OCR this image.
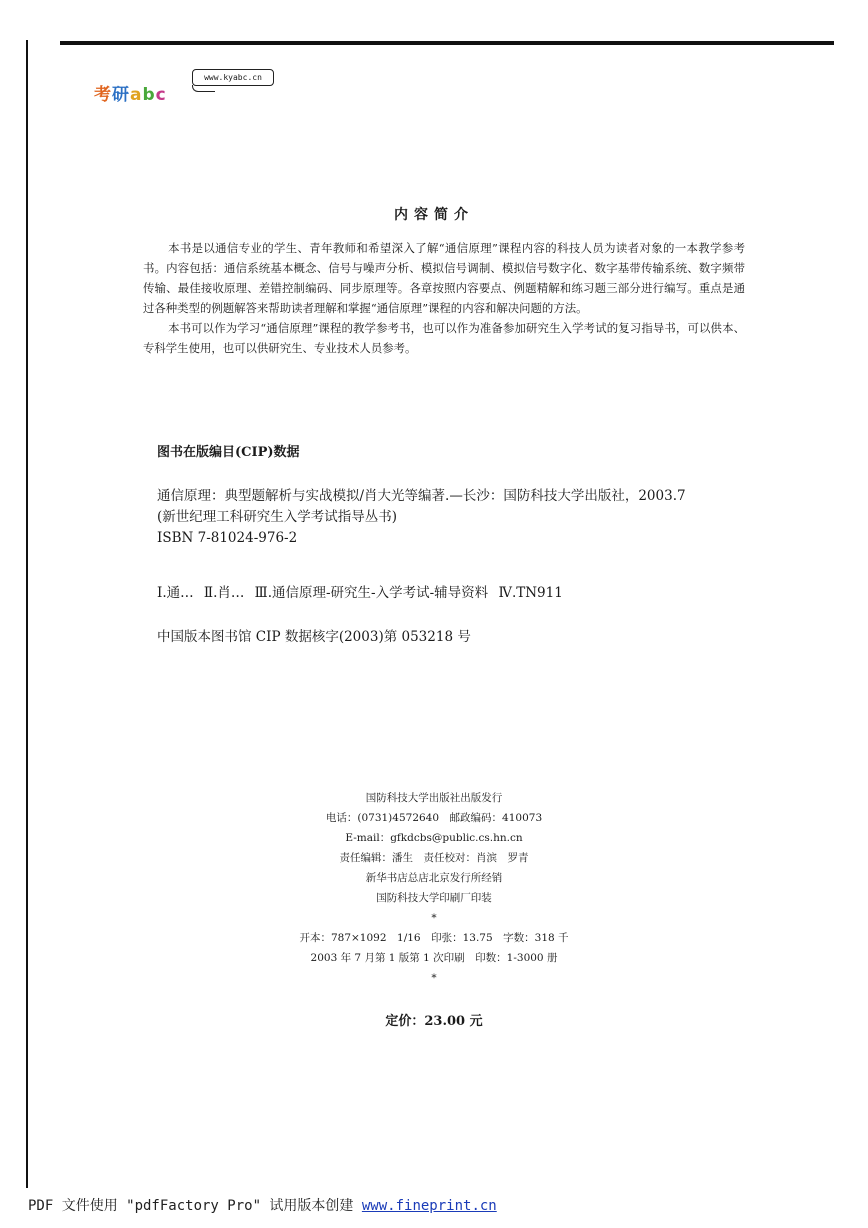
考研abc
www.kyabc.cn
内容简介

本书是以通信专业的学生、青年教师和希望深入了解“通信原理”课程内容的科技人员为读者对象的一本教学参考书。内容包括：通信系统基本概念、信号与噪声分析、模拟信号调制、模拟信号数字化、数字基带传输系统、数字频带传输、最佳接收原理、差错控制编码、同步原理等。各章按照内容要点、例题精解和练习题三部分进行编写。重点是通过各种类型的例题解答来帮助读者理解和掌握“通信原理”课程的内容和解决问题的方法。

本书可以作为学习“通信原理”课程的教学参考书，也可以作为准备参加研究生入学考试的复习指导书，可以供本、专科学生使用，也可以供研究生、专业技术人员参考。

图书在版编目(CIP)数据
通信原理：典型题解析与实战模拟/肖大光等编著.—长沙：国防科技大学出版社，2003.7
(新世纪理工科研究生入学考试指导丛书)
ISBN 7-81024-976-2
Ⅰ.通… Ⅱ.肖… Ⅲ.通信原理-研究生-入学考试-辅导资料 Ⅳ.TN911
中国版本图书馆 CIP 数据核字(2003)第 053218 号
国防科技大学出版社出版发行
电话：(0731)4572640　邮政编码：410073
E-mail：gfkdcbs@public.cs.hn.cn
责任编辑：潘生　责任校对：肖滨　罗青
新华书店总店北京发行所经销
国防科技大学印刷厂印装
*
开本：787×1092　1/16　印张：13.75　字数：318 千
2003 年 7 月第 1 版第 1 次印刷　印数：1-3000 册
*
定价：23.00 元
PDF 文件使用 "pdfFactory Pro" 试用版本创建 www.fineprint.cn
